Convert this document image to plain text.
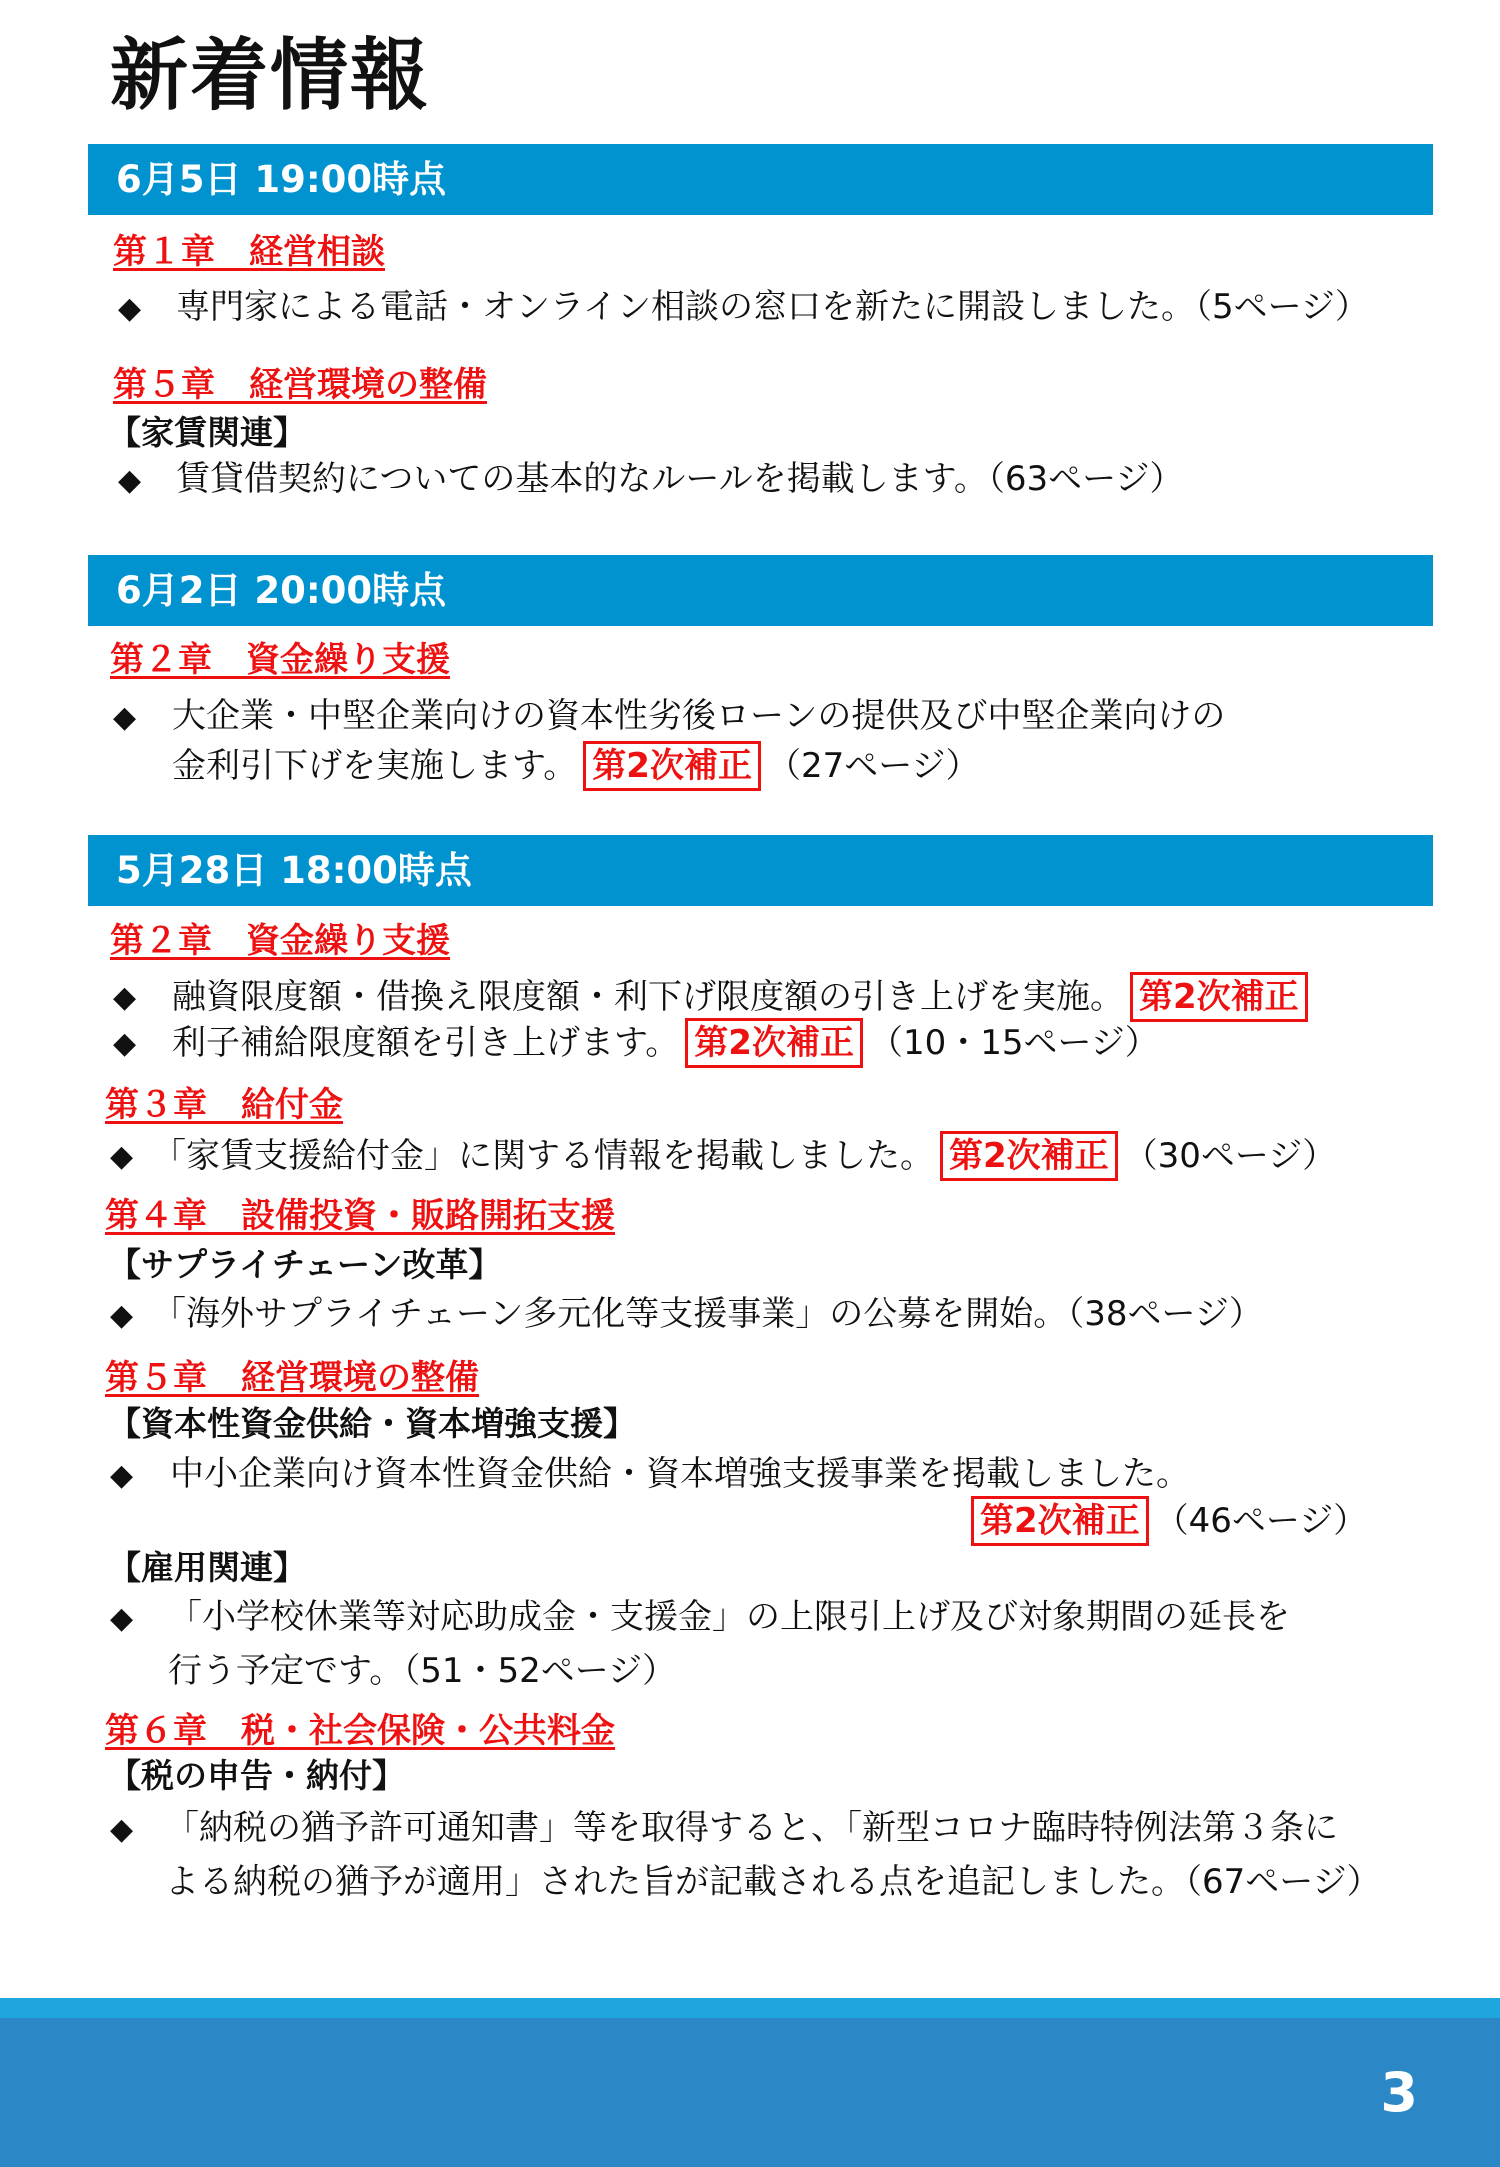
新着情報
6月5日 19:00時点
第１章　経営相談
◆ 専門家による電話・オンライン相談の窓口を新たに開設しました。（5ページ）
第５章　経営環境の整備
【家賃関連】
◆ 賃貸借契約についての基本的なルールを掲載します。（63ページ）
6月2日 20:00時点
第２章　資金繰り支援
◆ 大企業・中堅企業向けの資本性劣後ローンの提供及び中堅企業向けの
金利引下げを実施します。 第2次補正 （27ページ）
5月28日 18:00時点
第２章　資金繰り支援
◆ 融資限度額・借換え限度額・利下げ限度額の引き上げを実施。 第2次補正
◆ 利子補給限度額を引き上げます。 第2次補正 （10・15ページ）
第３章　給付金
◆ 「家賃支援給付金」に関する情報を掲載しました。 第2次補正 （30ページ）
第４章　設備投資・販路開拓支援
【サプライチェーン改革】
◆ 「海外サプライチェーン多元化等支援事業」の公募を開始。（38ページ）
第５章　経営環境の整備
【資本性資金供給・資本増強支援】
◆ 中小企業向け資本性資金供給・資本増強支援事業を掲載しました。
第2次補正 （46ページ）
【雇用関連】
◆ 「小学校休業等対応助成金・支援金」の上限引上げ及び対象期間の延長を
行う予定です。（51・52ページ）
第６章　税・社会保険・公共料金
【税の申告・納付】
◆ 「納税の猶予許可通知書」等を取得すると、「新型コロナ臨時特例法第３条に
よる納税の猶予が適用」された旨が記載される点を追記しました。（67ページ）
3
